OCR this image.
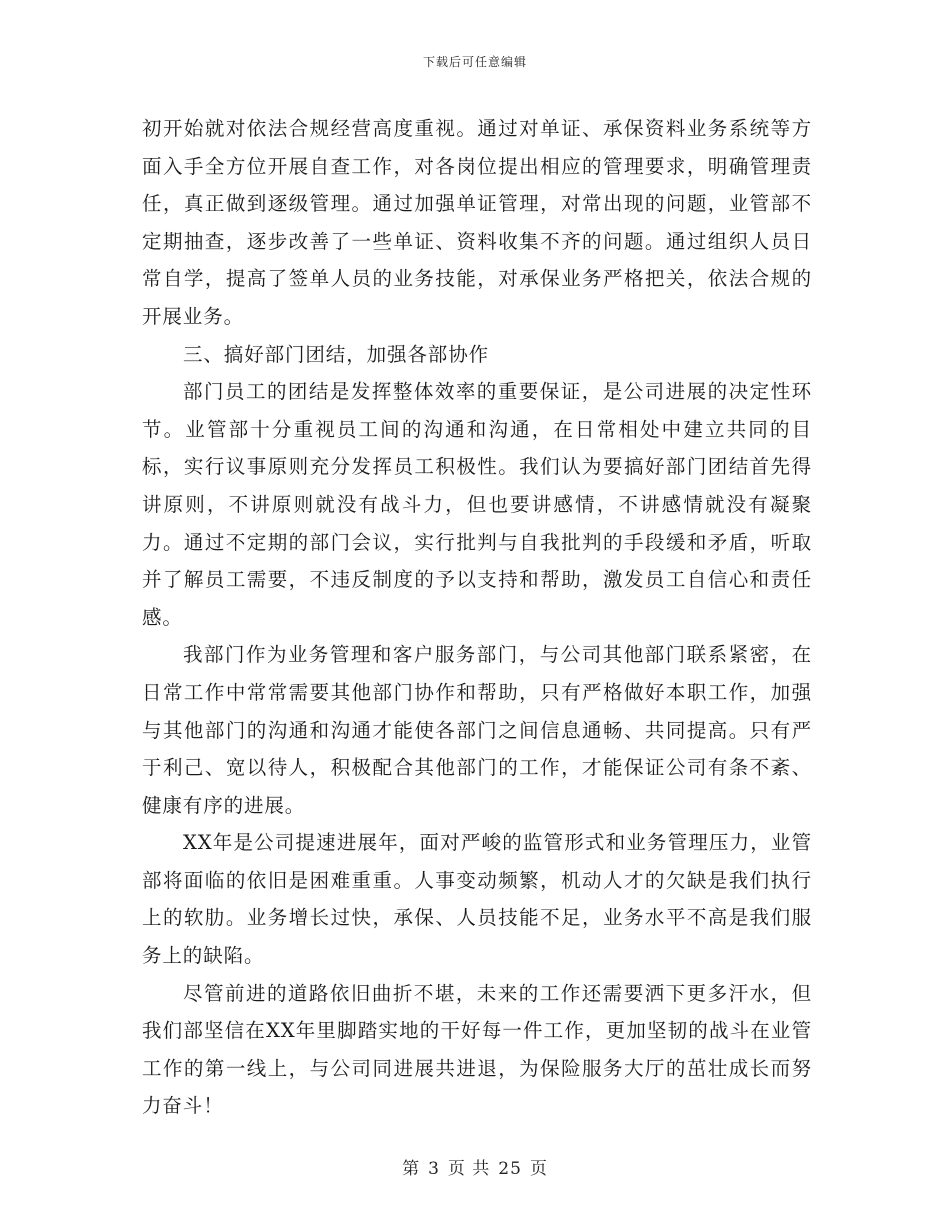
下载后可任意编辑

初开始就对依法合规经营高度重视。通过对单证、承保资料业务系统等方面入手全方位开展自查工作，对各岗位提出相应的管理要求，明确管理责任，真正做到逐级管理。通过加强单证管理，对常出现的问题，业管部不定期抽查，逐步改善了一些单证、资料收集不齐的问题。通过组织人员日常自学，提高了签单人员的业务技能，对承保业务严格把关，依法合规的开展业务。

三、搞好部门团结，加强各部协作

部门员工的团结是发挥整体效率的重要保证，是公司进展的决定性环节。业管部十分重视员工间的沟通和沟通，在日常相处中建立共同的目标，实行议事原则充分发挥员工积极性。我们认为要搞好部门团结首先得讲原则，不讲原则就没有战斗力，但也要讲感情，不讲感情就没有凝聚力。通过不定期的部门会议，实行批判与自我批判的手段缓和矛盾，听取并了解员工需要，不违反制度的予以支持和帮助，激发员工自信心和责任感。

我部门作为业务管理和客户服务部门，与公司其他部门联系紧密，在日常工作中常常需要其他部门协作和帮助，只有严格做好本职工作，加强与其他部门的沟通和沟通才能使各部门之间信息通畅、共同提高。只有严于利己、宽以待人，积极配合其他部门的工作，才能保证公司有条不紊、健康有序的进展。

XX年是公司提速进展年，面对严峻的监管形式和业务管理压力，业管部将面临的依旧是困难重重。人事变动频繁，机动人才的欠缺是我们执行上的软肋。业务增长过快，承保、人员技能不足，业务水平不高是我们服务上的缺陷。

尽管前进的道路依旧曲折不堪，未来的工作还需要洒下更多汗水，但我们部坚信在XX年里脚踏实地的干好每一件工作，更加坚韧的战斗在业管工作的第一线上，与公司同进展共进退，为保险服务大厅的茁壮成长而努力奋斗！

第 3 页 共 25 页
